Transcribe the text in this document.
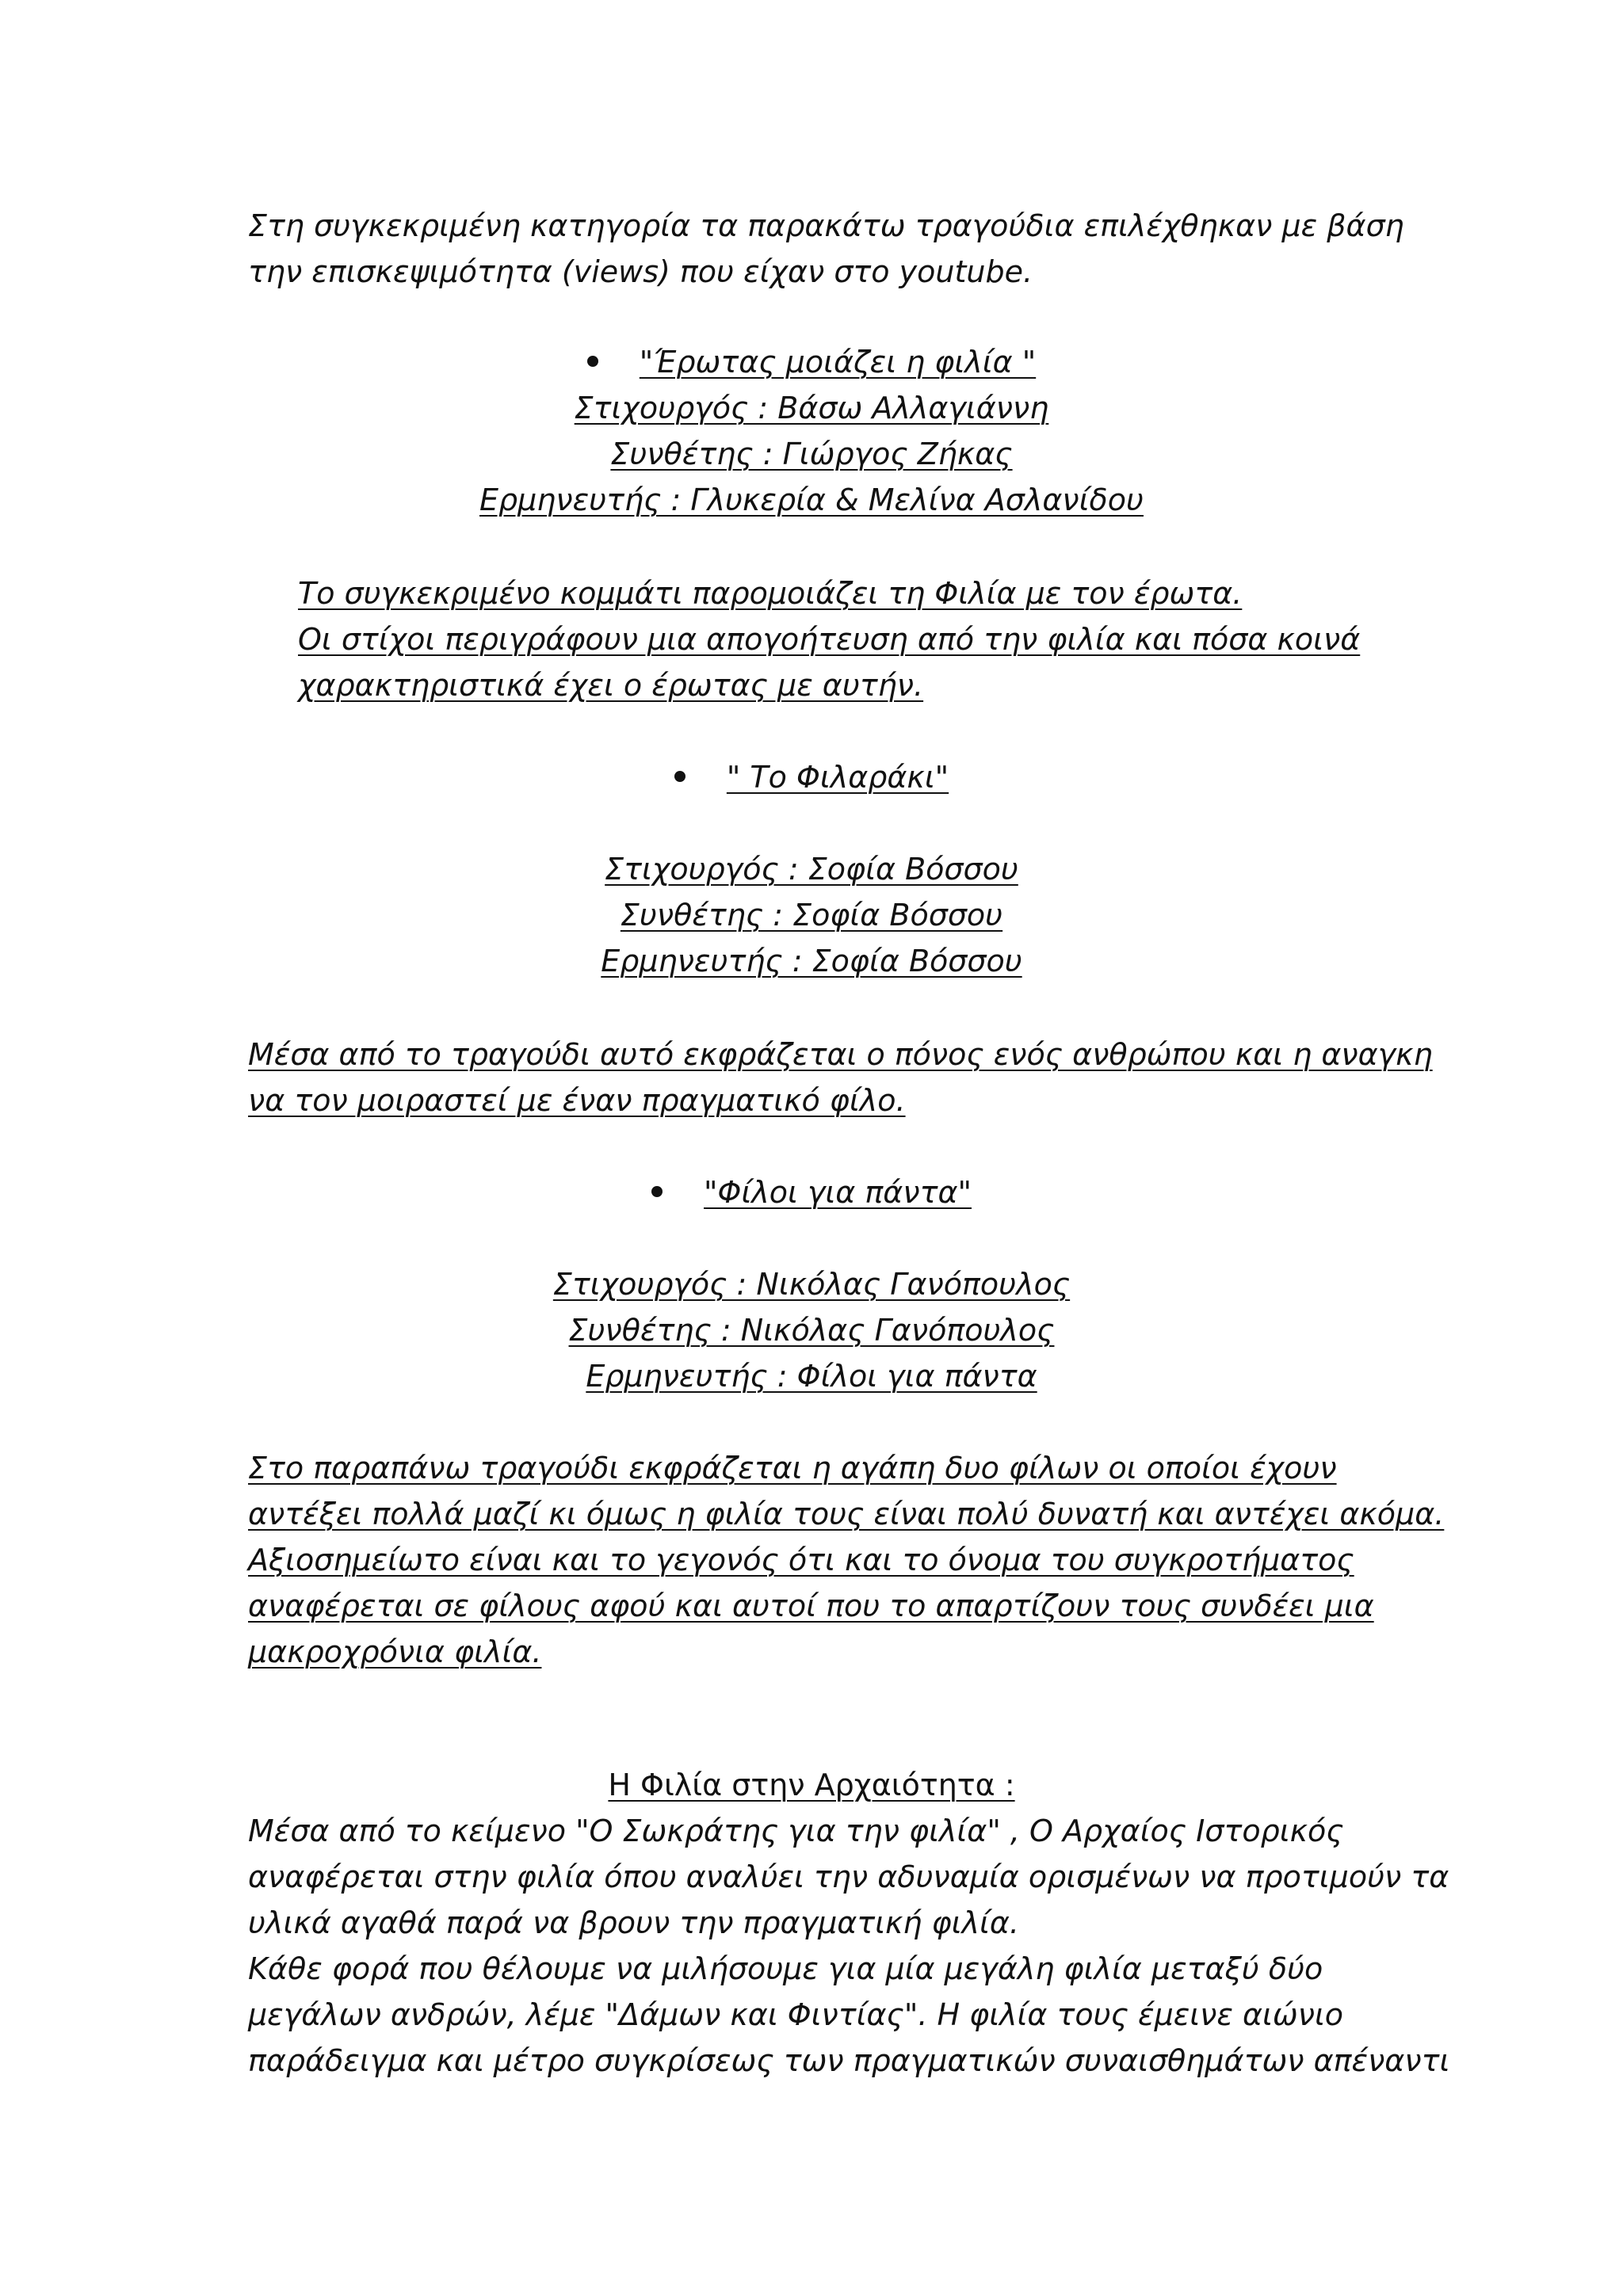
Στη συγκεκριμένη κατηγορία τα παρακάτω τραγούδια επιλέχθηκαν με βάση

την επισκεψιμότητα (views) που είχαν στο youtube.

"Έρωτας μοιάζει η φιλία "

Στιχουργός : Βάσω Αλλαγιάννη

Συνθέτης : Γιώργος Ζήκας

Ερμηνευτής : Γλυκερία & Μελίνα Ασλανίδου

Το συγκεκριμένο κομμάτι παρομοιάζει τη Φιλία με τον έρωτα.

Οι στίχοι περιγράφουν μια απογοήτευση από την φιλία και πόσα κοινά

χαρακτηριστικά έχει ο έρωτας με αυτήν.

" Το Φιλαράκι"

Στιχουργός : Σοφία Βόσσου

Συνθέτης : Σοφία Βόσσου

Ερμηνευτής : Σοφία Βόσσου

Μέσα από το τραγούδι αυτό εκφράζεται ο πόνος ενός ανθρώπου και η αναγκη

να τον μοιραστεί με έναν πραγματικό φίλο.

"Φίλοι για πάντα"

Στιχουργός : Νικόλας Γανόπουλος

Συνθέτης : Νικόλας Γανόπουλος

Ερμηνευτής : Φίλοι για πάντα

Στο παραπάνω τραγούδι εκφράζεται η αγάπη δυο φίλων οι οποίοι έχουν

αντέξει πολλά μαζί κι όμως η φιλία τους είναι πολύ δυνατή και αντέχει ακόμα.

Αξιοσημείωτο είναι και το γεγονός ότι και το όνομα του συγκροτήματος

αναφέρεται σε φίλους αφού και αυτοί που το απαρτίζουν τους συνδέει μια

μακροχρόνια φιλία.

Η Φιλία στην Αρχαιότητα :

Μέσα από το κείμενο "Ο Σωκράτης για την φιλία" , Ο Αρχαίος Ιστορικός

αναφέρεται στην φιλία όπου αναλύει την αδυναμία ορισμένων να προτιμούν τα

υλικά αγαθά παρά να βρουν την πραγματική φιλία.

Κάθε φορά που θέλουμε να μιλήσουμε για μία μεγάλη φιλία μεταξύ δύο

μεγάλων ανδρών, λέμε "Δάμων και Φιντίας". Η φιλία τους έμεινε αιώνιο

παράδειγμα και μέτρο συγκρίσεως των πραγματικών συναισθημάτων απέναντι
